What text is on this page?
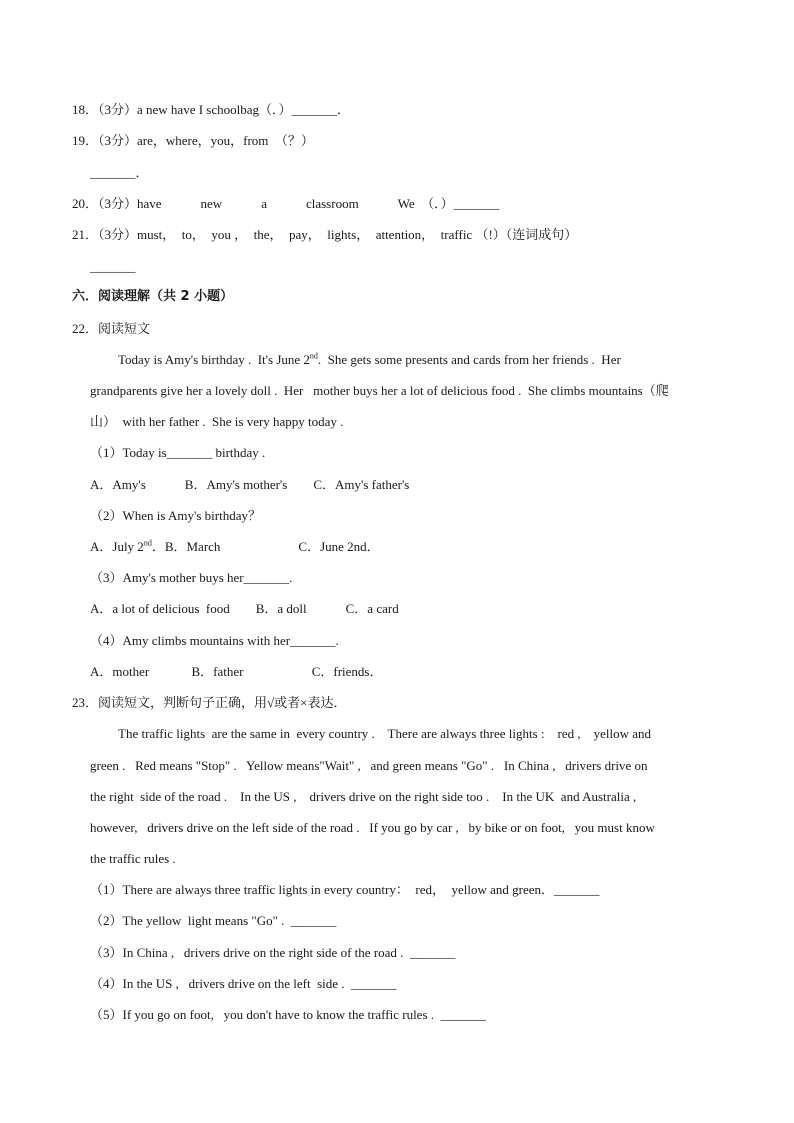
18．（3分）a new have I schoolbag（．）_______．
19．（3分）are，where，you，from　（？）
_______．
20．（3分）have　　　new　　　a　　　classroom　　　We　（．）_______
21．（3分）must，  to，  you ，  the，  pay，  lights，  attention，  traffic （!）（连词成句）
_______
六．阅读理解（共 2 小题）
22．阅读短文
Today is Amy's birthday .  It's June 2nd.  She gets some presents and cards from her friends .  Her
grandparents give her a lovely doll .  Her   mother buys her a lot of delicious food .  She climbs mountains（爬
山）  with her father .  She is very happy today .
（1）Today is_______ birthday .
A．Amy's　　　B．Amy's mother's　　C．Amy's father's
（2）When is Amy's birthday？
A．July 2nd．B．March　　　　　　C．June 2nd．
（3）Amy's mother buys her_______.
A．a lot of delicious  food　　B．a doll　　　C．a card
（4）Amy climbs mountains with her_______.
A．mother　　　 B．father　　　　　 C．friends．
23．阅读短文，判断句子正确，用√或者×表达．
The traffic lights  are the same in  every country .    There are always three lights :    red ,    yellow and
green .   Red means "Stop" .   Yellow means"Wait" ,   and green means "Go" .   In China ,   drivers drive on
the right  side of the road .    In the US ,    drivers drive on the right side too .    In the UK  and Australia ,
however,   drivers drive on the left side of the road .   If you go by car ,   by bike or on foot,   you must know
the traffic rules .
（1）There are always three traffic lights in every country：  red，  yellow and green．_______
（2）The yellow  light means "Go" .  _______
（3）In China ,   drivers drive on the right side of the road .  _______
（4）In the US ,   drivers drive on the left  side .  _______
（5）If you go on foot,   you don't have to know the traffic rules .  _______
